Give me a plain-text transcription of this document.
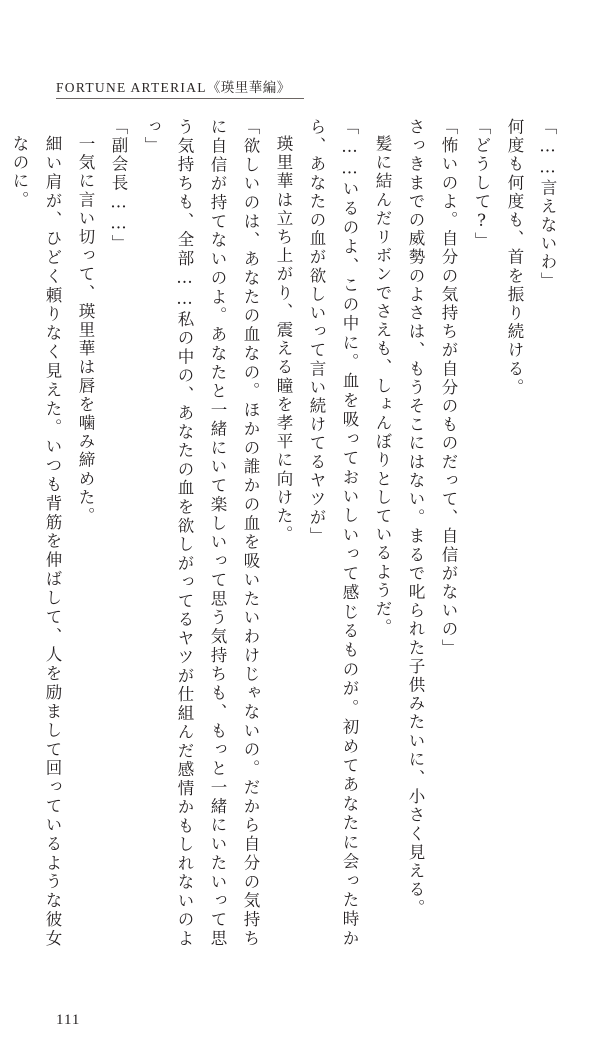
FORTUNE ARTERIAL《瑛里華編》

「……言えないわ」

何度も何度も、首を振り続ける。

「どうして?」

「怖いのよ。自分の気持ちが自分のものだって、自信がないの」

さっきまでの威勢のよさは、もうそこにはない。まるで叱られた子供みたいに、小さく見える。

髪に結んだリボンでさえも、しょんぼりとしているようだ。

「……いるのよ、この中に。血を吸っておいしいって感じるものが。初めてあなたに会った時から、あなたの血が欲しいって言い続けてるヤツが」

瑛里華は立ち上がり、震える瞳を孝平に向けた。

「欲しいのは、あなたの血なの。ほかの誰かの血を吸いたいわけじゃないの。だから自分の気持ちに自信が持てないのよ。あなたと一緒にいて楽しいって思う気持ちも、もっと一緒にいたいって思う気持ちも、全部……私の中の、あなたの血を欲しがってるヤツが仕組んだ感情かもしれないのよっ」

「副会長……」

一気に言い切って、瑛里華は唇を噛み締めた。

細い肩が、ひどく頼りなく見えた。いつも背筋を伸ばして、人を励まして回っているような彼女なのに。

111
